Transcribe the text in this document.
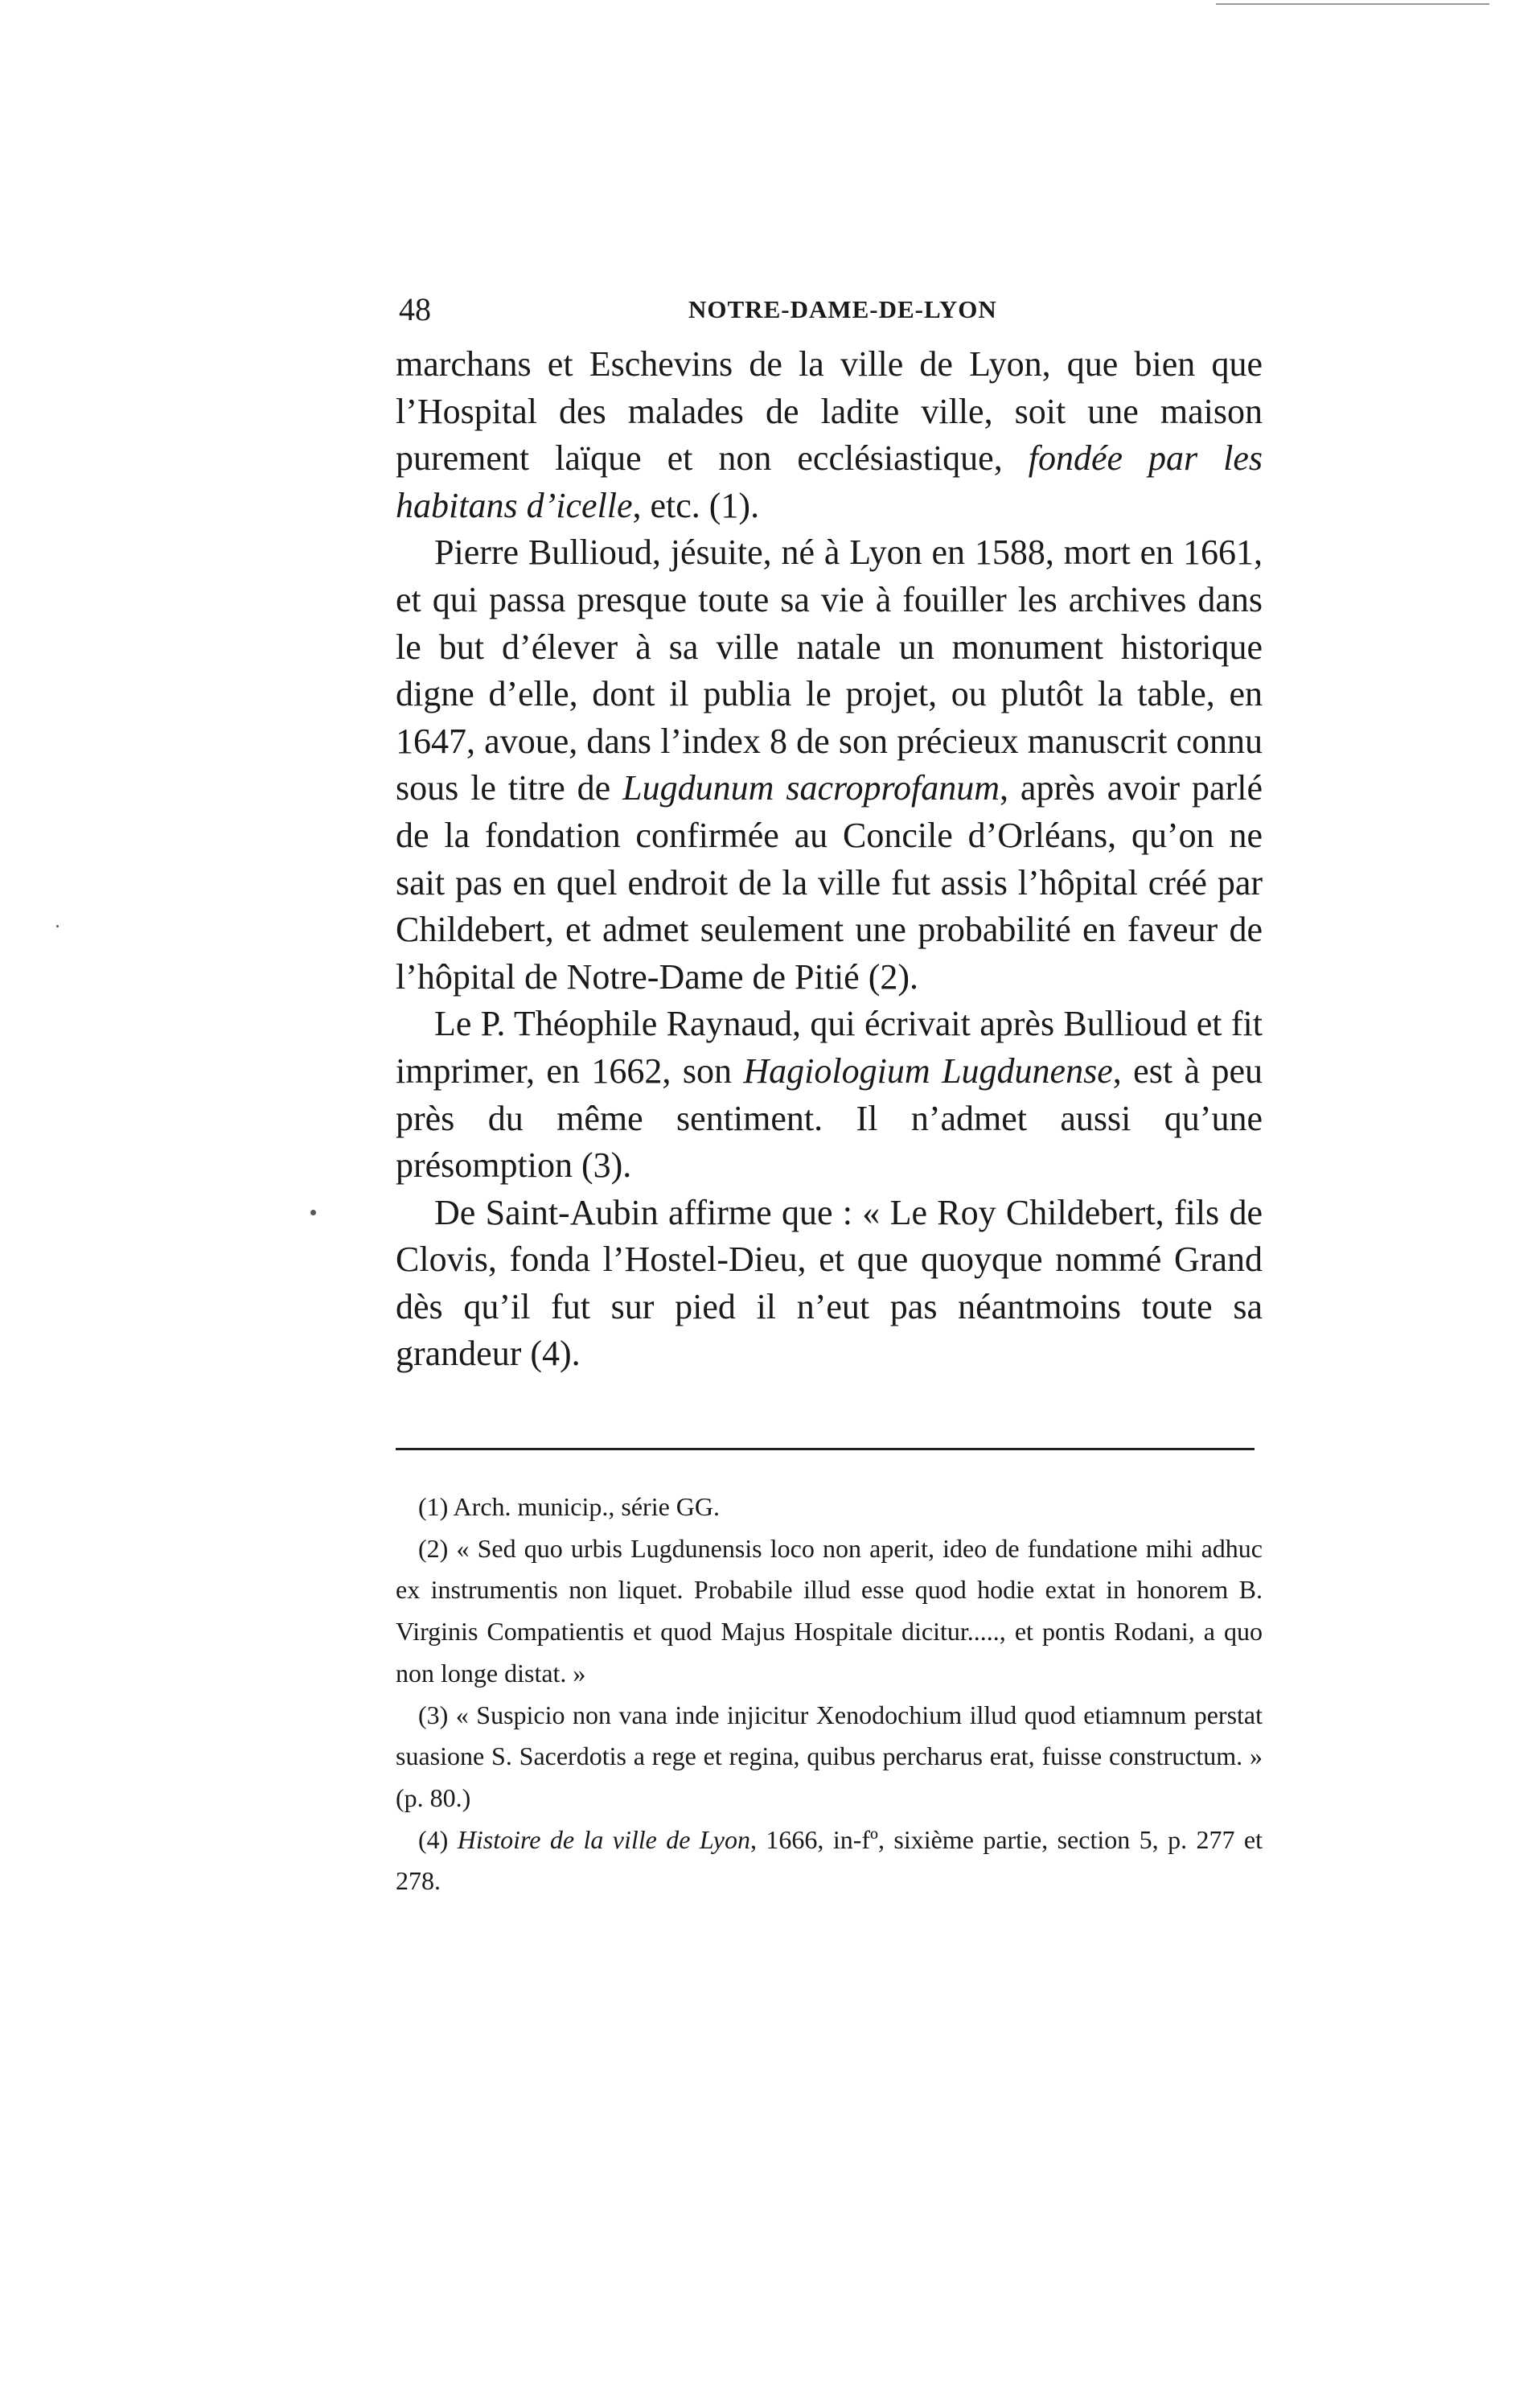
48	NOTRE-DAME-DE-LYON

marchans et Eschevins de la ville de Lyon, que bien que l’Hospital des malades de ladite ville, soit une maison purement laïque et non ecclésiastique, fondée par les habitans d’icelle, etc. (1).

Pierre Bullioud, jésuite, né à Lyon en 1588, mort en 1661, et qui passa presque toute sa vie à fouiller les archives dans le but d’élever à sa ville natale un monument historique digne d’elle, dont il publia le projet, ou plutôt la table, en 1647, avoue, dans l’index 8 de son précieux manuscrit connu sous le titre de Lugdunum sacroprofanum, après avoir parlé de la fondation confirmée au Concile d’Orléans, qu’on ne sait pas en quel endroit de la ville fut assis l’hôpital créé par Childebert, et admet seulement une probabilité en faveur de l’hôpital de Notre-Dame de Pitié (2).

Le P. Théophile Raynaud, qui écrivait après Bullioud et fit imprimer, en 1662, son Hagiologium Lugdunense, est à peu près du même sentiment. Il n’admet aussi qu’une présomption (3).

De Saint-Aubin affirme que : « Le Roy Childebert, fils de Clovis, fonda l’Hostel-Dieu, et que quoyque nommé Grand dès qu’il fut sur pied il n’eut pas néantmoins toute sa grandeur (4).

(1) Arch. municip., série GG.

(2) « Sed quo urbis Lugdunensis loco non aperit, ideo de fundatione mihi adhuc ex instrumentis non liquet. Probabile illud esse quod hodie extat in honorem B. Virginis Compatientis et quod Majus Hospitale dicitur....., et pontis Rodani, a quo non longe distat. »

(3) « Suspicio non vana inde injicitur Xenodochium illud quod etiamnum perstat suasione S. Sacerdotis a rege et regina, quibus percharus erat, fuisse constructum. » (p. 80.)

(4) Histoire de la ville de Lyon, 1666, in-fº, sixième partie, section 5, p. 277 et 278.
